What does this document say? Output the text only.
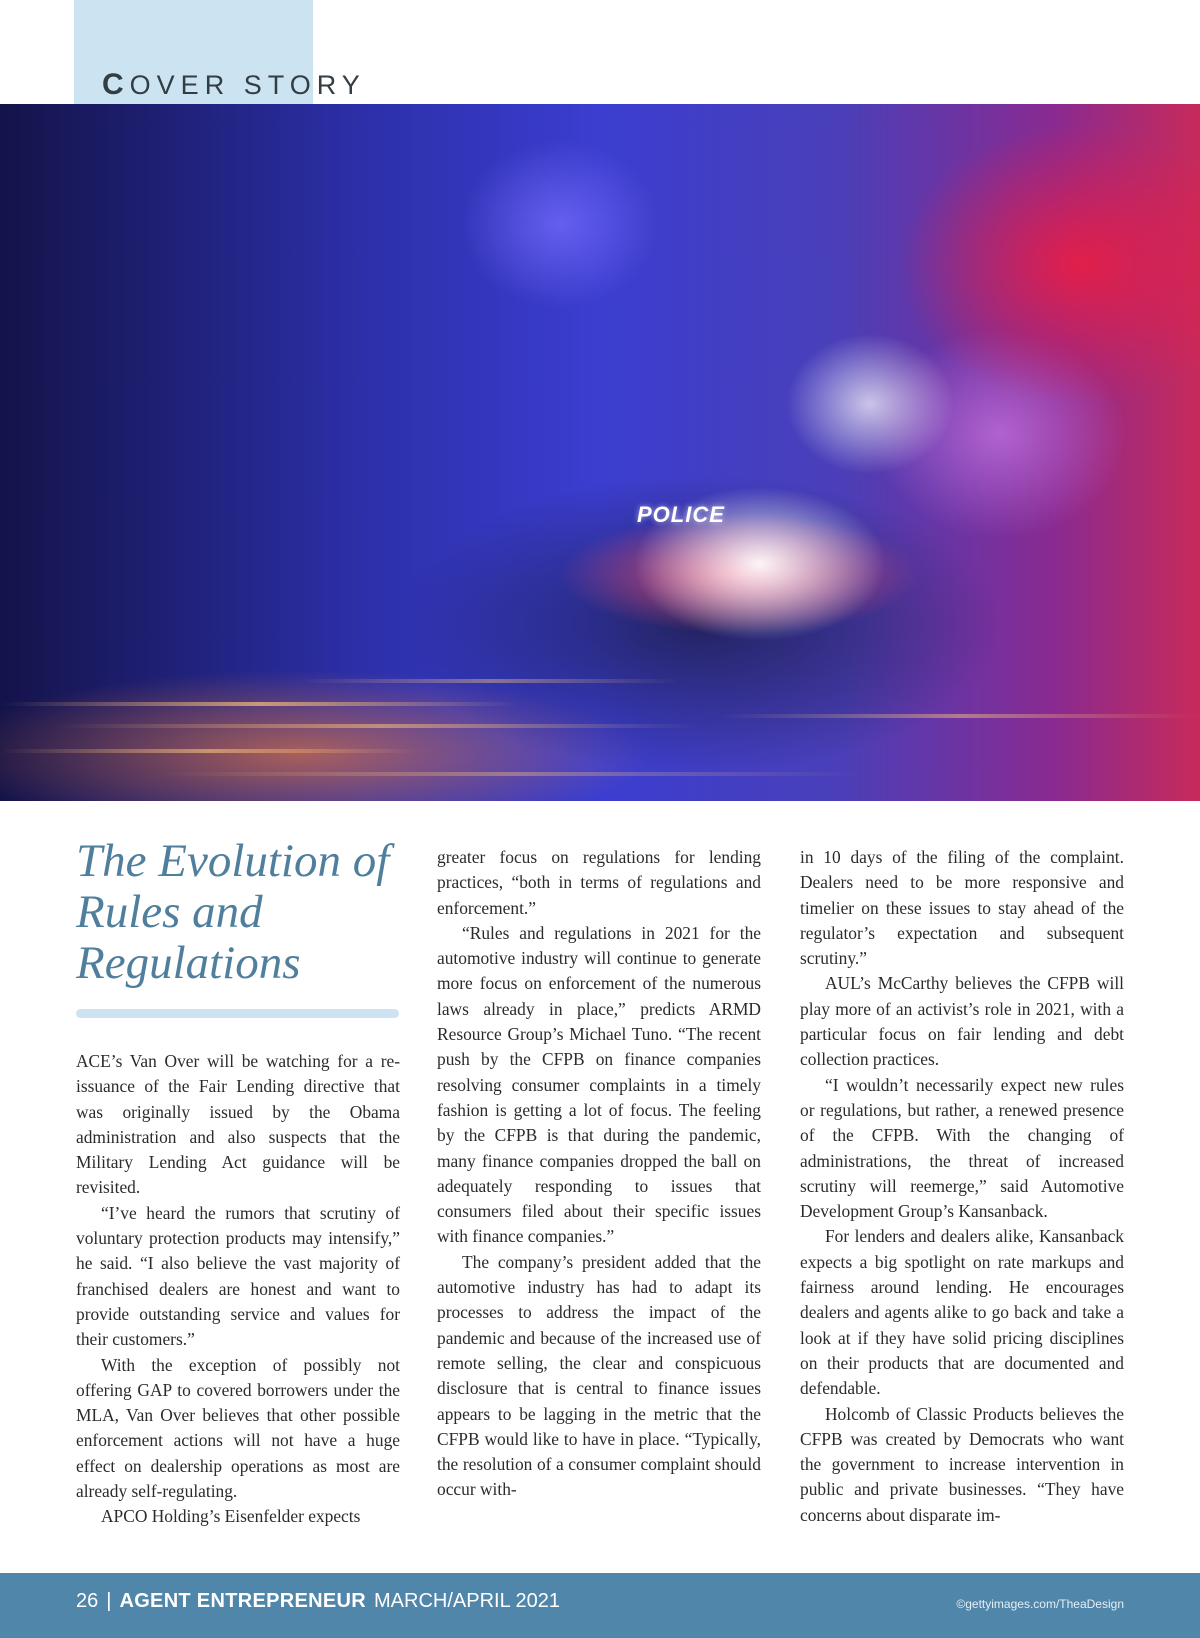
COVER STORY
POLICE
The Evolution of Rules and Regulations

ACE’s Van Over will be watching for a re-issuance of the Fair Lending directive that was originally issued by the Obama administration and also suspects that the Military Lending Act guidance will be revisited.

“I’ve heard the rumors that scrutiny of voluntary protection products may intensify,” he said. “I also believe the vast majority of franchised dealers are honest and want to provide outstanding service and values for their customers.”

With the exception of possibly not offering GAP to covered borrowers under the MLA, Van Over believes that other possible enforcement actions will not have a huge effect on dealership operations as most are already self-regulating.

APCO Holding’s Eisenfelder expects

greater focus on regulations for lending practices, “both in terms of regulations and enforcement.”

“Rules and regulations in 2021 for the automotive industry will continue to generate more focus on enforcement of the numerous laws already in place,” predicts ARMD Resource Group’s Michael Tuno. “The recent push by the CFPB on finance companies resolving consumer complaints in a timely fashion is getting a lot of focus. The feeling by the CFPB is that during the pandemic, many finance companies dropped the ball on adequately responding to issues that consumers filed about their specific issues with finance companies.”

The company’s president added that the automotive industry has had to adapt its processes to address the impact of the pandemic and because of the increased use of remote selling, the clear and conspicuous disclosure that is central to finance issues appears to be lagging in the metric that the CFPB would like to have in place. “Typically, the resolution of a consumer complaint should occur with-

in 10 days of the filing of the complaint. Dealers need to be more responsive and timelier on these issues to stay ahead of the regulator’s expectation and subsequent scrutiny.”

AUL’s McCarthy believes the CFPB will play more of an activist’s role in 2021, with a particular focus on fair lending and debt collection practices.

“I wouldn’t necessarily expect new rules or regulations, but rather, a renewed presence of the CFPB. With the changing of administrations, the threat of increased scrutiny will reemerge,” said Automotive Development Group’s Kansanback.

For lenders and dealers alike, Kansanback expects a big spotlight on rate markups and fairness around lending. He encourages dealers and agents alike to go back and take a look at if they have solid pricing disciplines on their products that are documented and defendable.

Holcomb of Classic Products believes the CFPB was created by Democrats who want the government to increase intervention in public and private businesses. “They have concerns about disparate im-

26 | AGENT ENTREPRENEUR MARCH/APRIL 2021	©gettyimages.com/TheaDesign
